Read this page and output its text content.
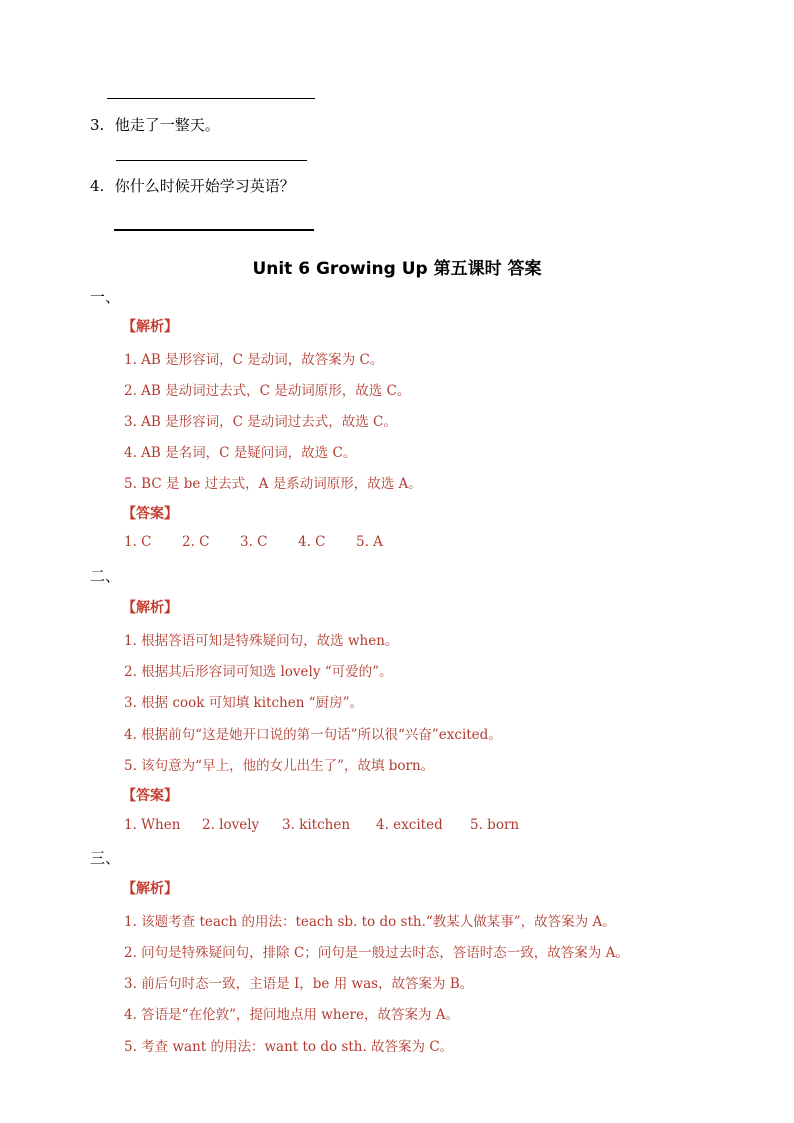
3. 他走了一整天。
4. 你什么时候开始学习英语？
Unit 6 Growing Up 第五课时 答案
一、
【解析】
1. AB 是形容词，C 是动词，故答案为 C。
2. AB 是动词过去式，C 是动词原形，故选 C。
3. AB 是形容词，C 是动词过去式，故选 C。
4. AB 是名词，C 是疑问词，故选 C。
5. BC 是 be 过去式，A 是系动词原形，故选 A。
【答案】
1. C 2. C 3. C 4. C 5. A
二、
【解析】
1. 根据答语可知是特殊疑问句，故选 when。
2. 根据其后形容词可知选 lovely “可爱的”。
3. 根据 cook 可知填 kitchen “厨房”。
4. 根据前句“这是她开口说的第一句话”所以很“兴奋”excited。
5. 该句意为“早上，他的女儿出生了”，故填 born。
【答案】
1. When 2. lovely 3. kitchen 4. excited 5. born
三、
【解析】
1. 该题考查 teach 的用法：teach sb. to do sth.“教某人做某事”，故答案为 A。
2. 问句是特殊疑问句，排除 C；问句是一般过去时态，答语时态一致，故答案为 A。
3. 前后句时态一致，主语是 I，be 用 was，故答案为 B。
4. 答语是“在伦敦”，提问地点用 where，故答案为 A。
5. 考查 want 的用法：want to do sth. 故答案为 C。
